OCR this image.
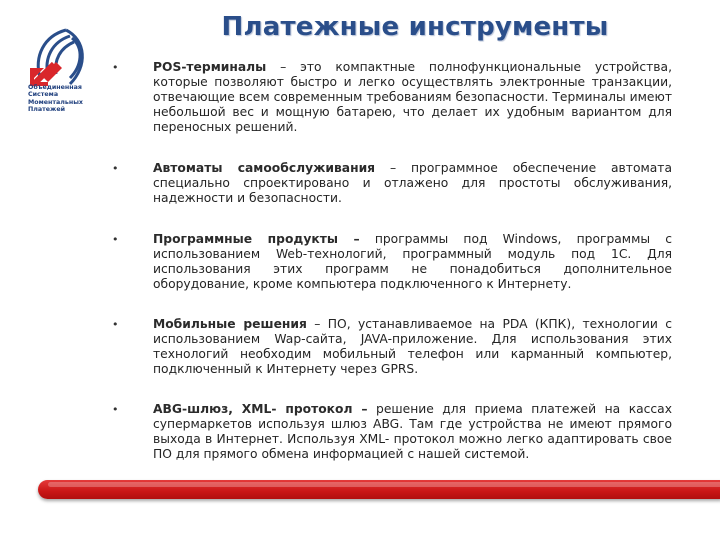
Объединенная
Система
Моментальных
Платежей
Платежные инструменты
•	POS-терминалы – это компактные полнофункциональные устройства, которые позволяют быстро и легко осуществлять электронные транзакции, отвечающие всем современным требованиям безопасности. Терминалы имеют небольшой вес и мощную батарею, что делает их удобным вариантом для переносных решений.
•	Автоматы самообслуживания – программное обеспечение автомата специально спроектировано и отлажено для простоты обслуживания, надежности и безопасности.
•	Программные продукты – программы под Windows, программы с использованием Web-технологий, программный модуль под 1С. Для использования этих программ не понадобиться дополнительное оборудование, кроме компьютера подключенного к Интернету.
•	Мобильные решения – ПО, устанавливаемое на PDA (КПК), технологии с использованием Wap-сайта, JAVA-приложение. Для использования этих технологий необходим мобильный телефон или карманный компьютер, подключенный к Интернету через GPRS.
•	ABG-шлюз, XML- протокол – решение для приема платежей на кассах супермаркетов используя шлюз ABG. Там где устройства не имеют прямого выхода в Интернет. Используя XML- протокол можно легко адаптировать свое ПО для прямого обмена информацией с нашей системой.
